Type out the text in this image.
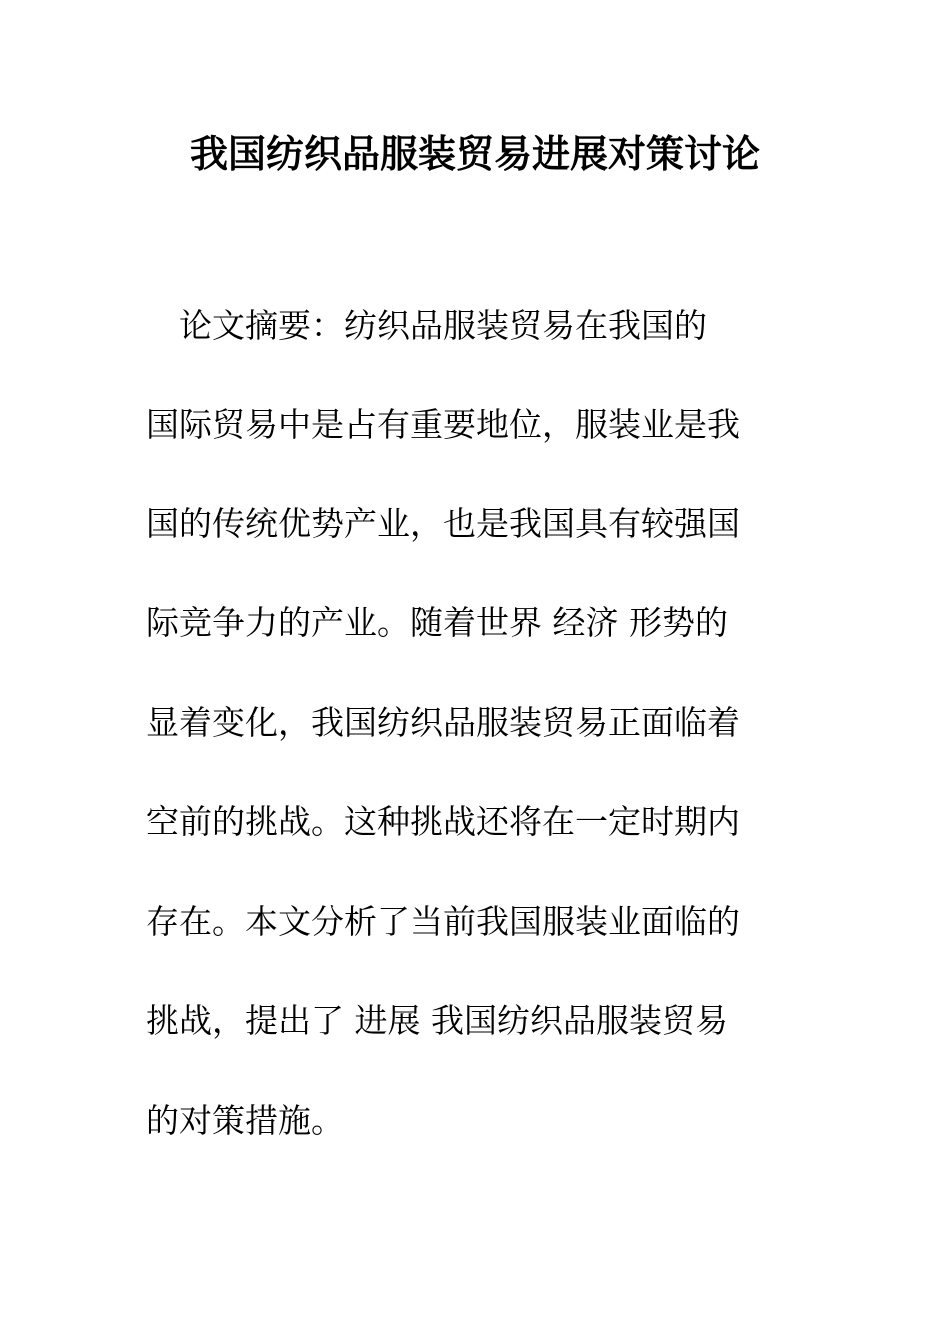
我国纺织品服装贸易进展对策讨论
　论文摘要：纺织品服装贸易在我国的
国际贸易中是占有重要地位，服装业是我
国的传统优势产业，也是我国具有较强国
际竞争力的产业。随着世界 经济 形势的
显着变化，我国纺织品服装贸易正面临着
空前的挑战。这种挑战还将在一定时期内
存在。本文分析了当前我国服装业面临的
挑战，提出了 进展 我国纺织品服装贸易
的对策措施。
